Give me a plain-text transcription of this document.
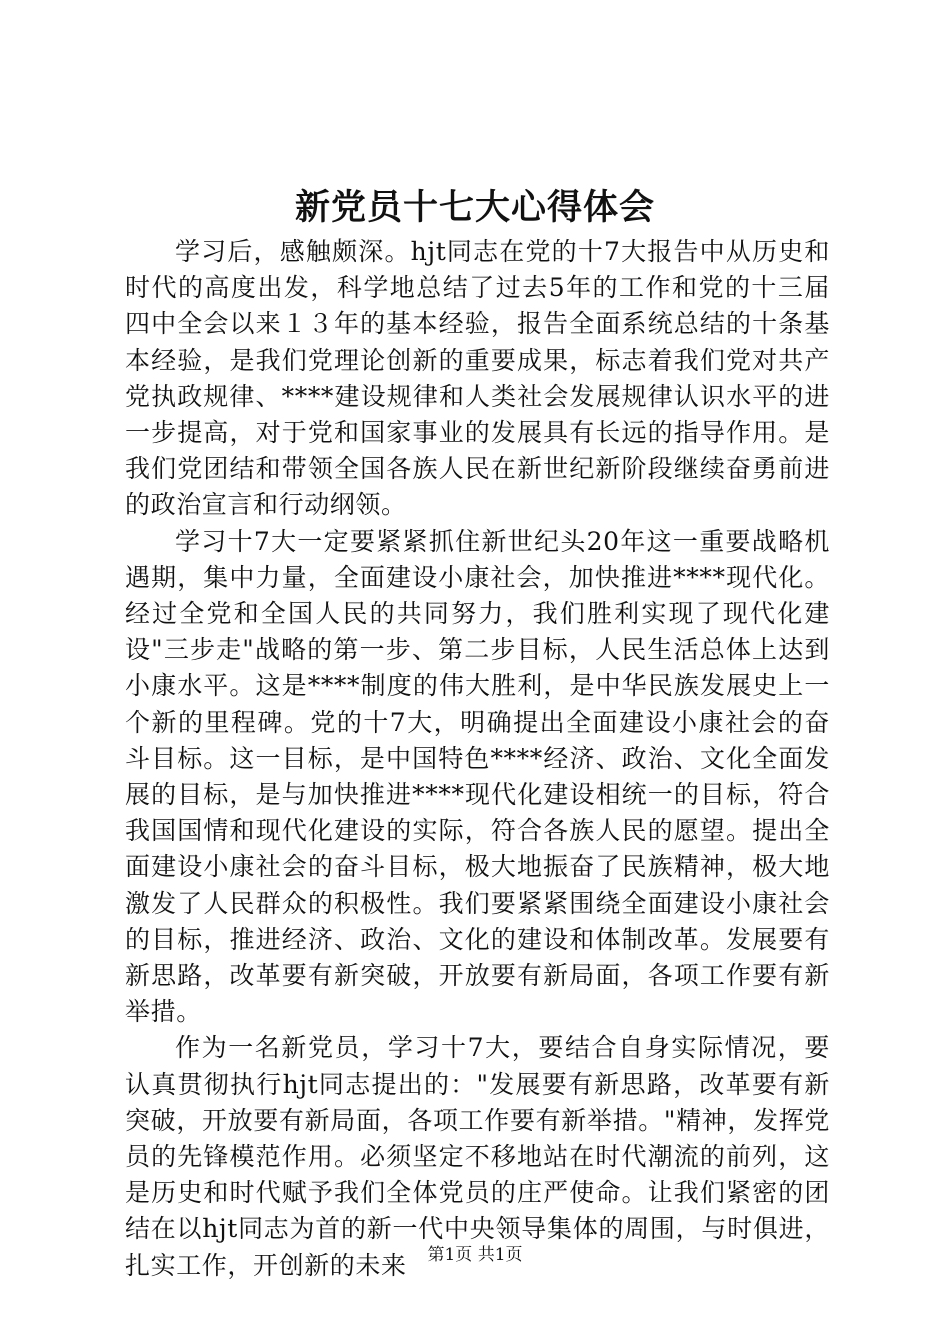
新党员十七大心得体会

学习后，感触颇深。hjt同志在党的十7大报告中从历史和时代的高度出发，科学地总结了过去5年的工作和党的十三届四中全会以来１３年的基本经验，报告全面系统总结的十条基本经验，是我们党理论创新的重要成果，标志着我们党对共产党执政规律、****建设规律和人类社会发展规律认识水平的进一步提高，对于党和国家事业的发展具有长远的指导作用。是我们党团结和带领全国各族人民在新世纪新阶段继续奋勇前进的政治宣言和行动纲领。

学习十7大一定要紧紧抓住新世纪头20年这一重要战略机遇期，集中力量，全面建设小康社会，加快推进****现代化。经过全党和全国人民的共同努力，我们胜利实现了现代化建设"三步走"战略的第一步、第二步目标，人民生活总体上达到小康水平。这是****制度的伟大胜利，是中华民族发展史上一个新的里程碑。党的十7大，明确提出全面建设小康社会的奋斗目标。这一目标，是中国特色****经济、政治、文化全面发展的目标，是与加快推进****现代化建设相统一的目标，符合我国国情和现代化建设的实际，符合各族人民的愿望。提出全面建设小康社会的奋斗目标，极大地振奋了民族精神，极大地激发了人民群众的积极性。我们要紧紧围绕全面建设小康社会的目标，推进经济、政治、文化的建设和体制改革。发展要有新思路，改革要有新突破，开放要有新局面，各项工作要有新举措。

作为一名新党员，学习十7大，要结合自身实际情况，要认真贯彻执行hjt同志提出的："发展要有新思路，改革要有新突破，开放要有新局面，各项工作要有新举措。"精神，发挥党员的先锋模范作用。必须坚定不移地站在时代潮流的前列，这是历史和时代赋予我们全体党员的庄严使命。让我们紧密的团结在以hjt同志为首的新一代中央领导集体的周围，与时俱进，扎实工作，开创新的未来	第1页 共1页
